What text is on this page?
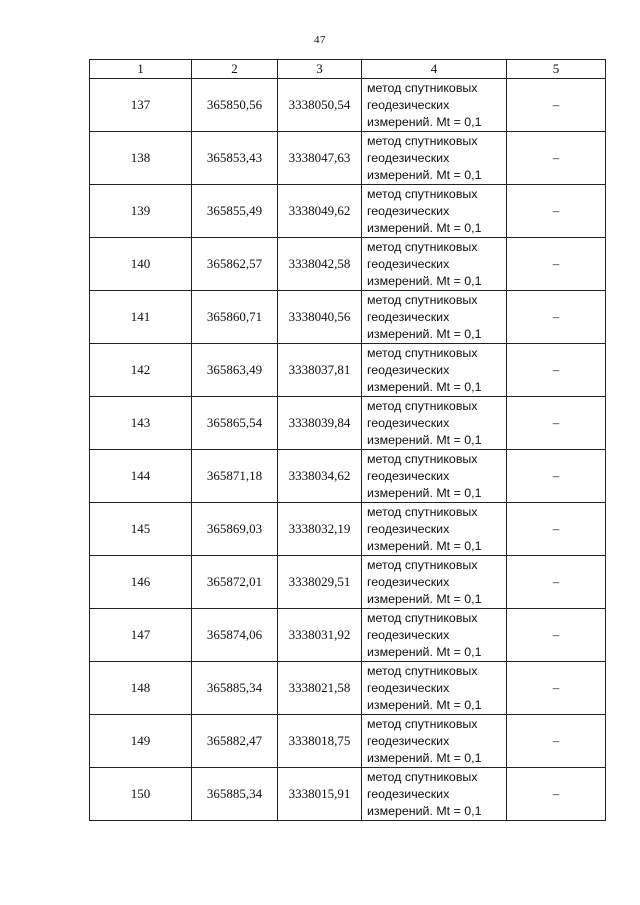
47
1	2	3	4	5
137	365850,56	3338050,54	метод спутниковых
геодезических
измерений. Mt = 0,1	–
138	365853,43	3338047,63	метод спутниковых
геодезических
измерений. Mt = 0,1	–
139	365855,49	3338049,62	метод спутниковых
геодезических
измерений. Mt = 0,1	–
140	365862,57	3338042,58	метод спутниковых
геодезических
измерений. Mt = 0,1	–
141	365860,71	3338040,56	метод спутниковых
геодезических
измерений. Mt = 0,1	–
142	365863,49	3338037,81	метод спутниковых
геодезических
измерений. Mt = 0,1	–
143	365865,54	3338039,84	метод спутниковых
геодезических
измерений. Mt = 0,1	–
144	365871,18	3338034,62	метод спутниковых
геодезических
измерений. Mt = 0,1	–
145	365869,03	3338032,19	метод спутниковых
геодезических
измерений. Mt = 0,1	–
146	365872,01	3338029,51	метод спутниковых
геодезических
измерений. Mt = 0,1	–
147	365874,06	3338031,92	метод спутниковых
геодезических
измерений. Mt = 0,1	–
148	365885,34	3338021,58	метод спутниковых
геодезических
измерений. Mt = 0,1	–
149	365882,47	3338018,75	метод спутниковых
геодезических
измерений. Mt = 0,1	–
150	365885,34	3338015,91	метод спутниковых
геодезических
измерений. Mt = 0,1	–
